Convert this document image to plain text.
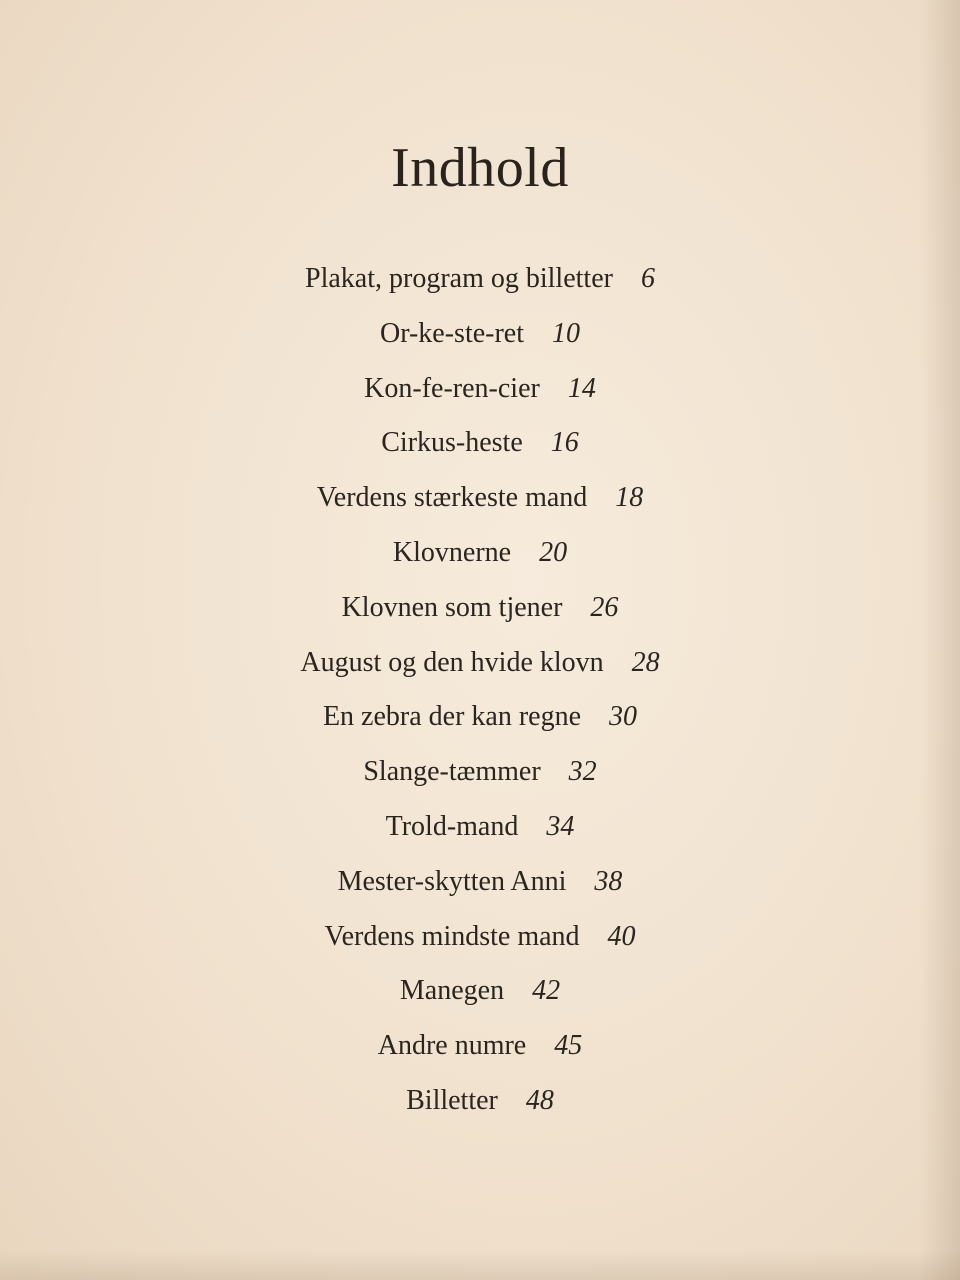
Indhold
Plakat, program og billetter 6
Or-ke-ste-ret 10
Kon-fe-ren-cier 14
Cirkus-heste 16
Verdens stærkeste mand 18
Klovnerne 20
Klovnen som tjener 26
August og den hvide klovn 28
En zebra der kan regne 30
Slange-tæmmer 32
Trold-mand 34
Mester-skytten Anni 38
Verdens mindste mand 40
Manegen 42
Andre numre 45
Billetter 48
